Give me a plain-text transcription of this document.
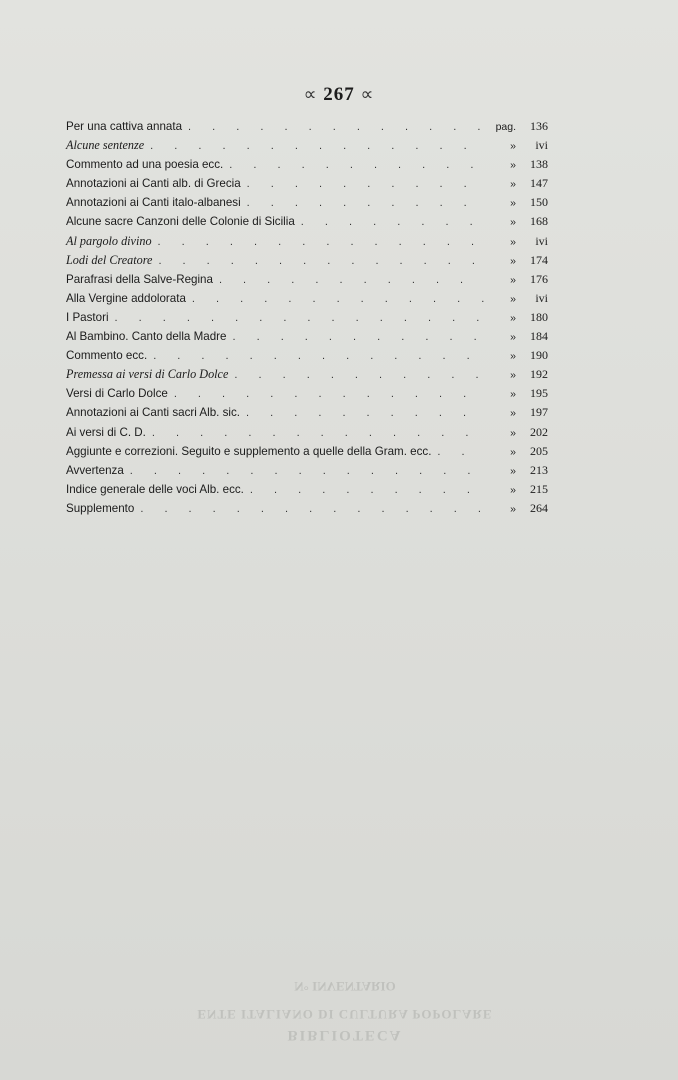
∝ 267 ∝
Per una cattiva annata . . .	pag.	136
Alcune sentenze . . .	»	ivi
Commento ad una poesia ecc. . . .	»	138
Annotazioni ai Canti alb. di Grecia . . .	»	147
Annotazioni ai Canti italo-albanesi . . .	»	150
Alcune sacre Canzoni delle Colonie di Sicilia . . .	»	168
Al pargolo divino . . .	»	ivi
Lodi del Creatore . . .	»	174
Parafrasi della Salve-Regina . . .	»	176
Alla Vergine addolorata . . .	»	ivi
I Pastori . . .	»	180
Al Bambino. Canto della Madre . . .	»	184
Commento ecc. . . .	»	190
Premessa ai versi di Carlo Dolce . . .	»	192
Versi di Carlo Dolce . . .	»	195
Annotazioni ai Canti sacri Alb. sic. . . .	»	197
Ai versi di C. D. . . .	»	202
Aggiunte e correzioni. Seguito e supplemento a quelle della Gram. ecc. . . .	»	205
Avvertenza . . .	»	213
Indice generale delle voci Alb. ecc. . . .	»	215
Supplemento . . .	»	264
BIBLIOTECA
ENTE ITALIANO DI CULTURA POPOLARE
N° INVENTARIO
